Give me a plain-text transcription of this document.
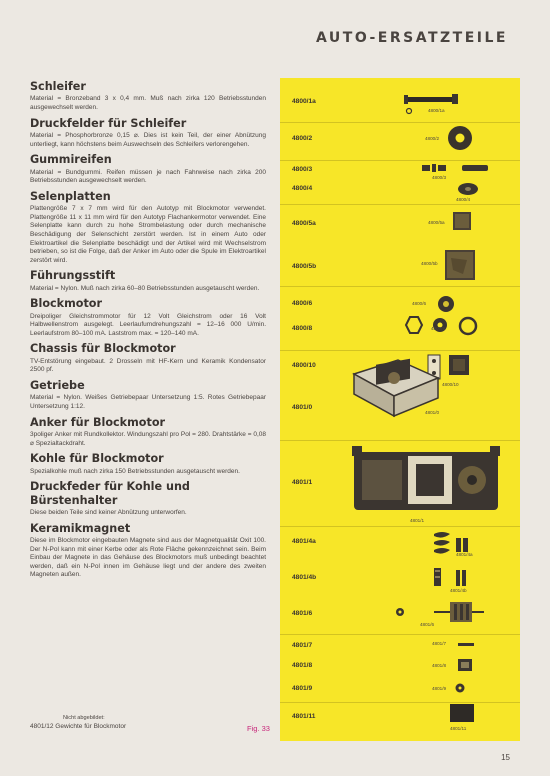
AUTO-ERSATZTEILE
Schleifer

Material = Bronzeband 3 x 0,4 mm. Muß nach zirka 120 Betriebsstunden ausgewechselt werden.

Druckfelder für Schleifer

Material = Phosphorbronze 0,15 ⌀. Dies ist kein Teil, der einer Abnützung unterliegt, kann höchstens beim Auswechseln des Schleifers verlorengehen.

Gummireifen

Material = Bundgummi. Reifen müssen je nach Fahrweise nach zirka 200 Betriebsstunden ausgewechselt werden.

Selenplatten

Plattengröße 7 x 7 mm wird für den Autotyp mit Blockmotor verwendet. Plattengröße 11 x 11 mm wird für den Autotyp Flachankermotor verwendet. Eine Selenplatte kann durch zu hohe Strombelastung oder durch mechanische Beschädigung der Selenschicht zerstört werden. Ist in einem Auto oder Elektroartikel die Selenplatte beschädigt und der Artikel wird mit Wechselstrom betrieben, so ist die Folge, daß der Anker im Auto oder die Spule im Elektroartikel zerstört wird.

Führungsstift

Material = Nylon. Muß nach zirka 60–80 Betriebsstunden ausgetauscht werden.

Blockmotor

Dreipoliger Gleichstrommotor für 12 Volt Gleichstrom oder 16 Volt Halbwellenstrom ausgelegt. Leerlaufumdrehungszahl = 12–16 000 U/min. Leerlaufstrom 80–100 mA. Laststrom max. = 120–140 mA.

Chassis für Blockmotor

TV-Entstörung eingebaut. 2 Drosseln mit HF-Kern und Keramik Kondensator 2500 pf.

Getriebe

Material = Nylon. Weißes Getriebepaar Untersetzung 1:5. Rotes Getriebepaar Untersetzung 1:12.

Anker für Blockmotor

3poliger Anker mit Rundkollektor. Windungszahl pro Pol = 280. Drahtstärke = 0,08 ⌀ Spezialtackdraht.

Kohle für Blockmotor

Spezialkohle muß nach zirka 150 Betriebsstunden ausgetauscht werden.

Druckfeder für Kohle und Bürstenhalter

Diese beiden Teile sind keiner Abnützung unterworfen.

Keramikmagnet

Diese im Blockmotor eingebauten Magnete sind aus der Magnetqualität Oxit 100. Der N-Pol kann mit einer Kerbe oder als Rote Fläche gekennzeichnet sein. Beim Einbau der Magnete in das Gehäuse des Blockmotors muß unbedingt beachtet werden, daß ein N-Pol innen im Gehäuse liegt und der andere des zweiten Magneten außen.

Nicht abgebildet:
4801/12 Gewichte für Blockmotor	Fig. 33
4800/1a
4800/2
4800/3
4800/4
4800/5a
4800/5b
4800/6
4800/8
4800/10
4801/0
4801/1
4801/4a
4801/4b
4801/6
4801/7
4801/8
4801/9
4801/11
4800/1a
4800/2
4800/3
4800/4
4800/5a
4800/5b
4800/6
4800/8
4800/10
4801/0
4801/1
4801/4a
4801/4b
4801/6
4801/7
4801/8
4801/9
4801/11
15
